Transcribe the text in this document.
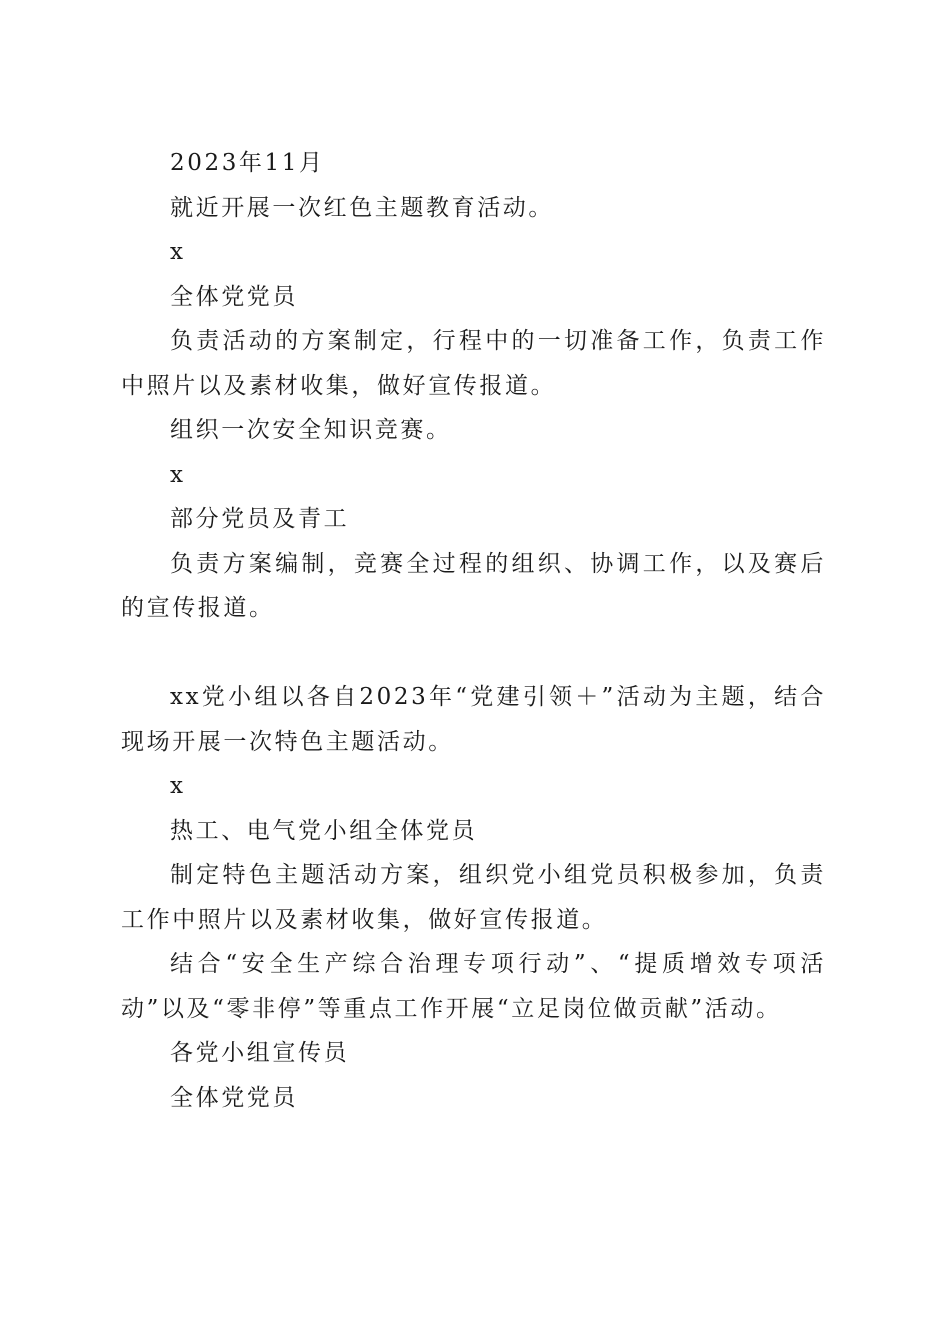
2023年11月

就近开展一次红色主题教育活动。

x

全体党党员

负责活动的方案制定，行程中的一切准备工作，负责工作中照片以及素材收集，做好宣传报道。

组织一次安全知识竞赛。

x

部分党员及青工

负责方案编制，竞赛全过程的组织、协调工作，以及赛后的宣传报道。

xx党小组以各自2023年“党建引领＋”活动为主题，结合现场开展一次特色主题活动。

x

热工、电气党小组全体党员

制定特色主题活动方案，组织党小组党员积极参加，负责工作中照片以及素材收集，做好宣传报道。

结合“安全生产综合治理专项行动”、“提质增效专项活动”以及“零非停”等重点工作开展“立足岗位做贡献”活动。

各党小组宣传员

全体党党员
